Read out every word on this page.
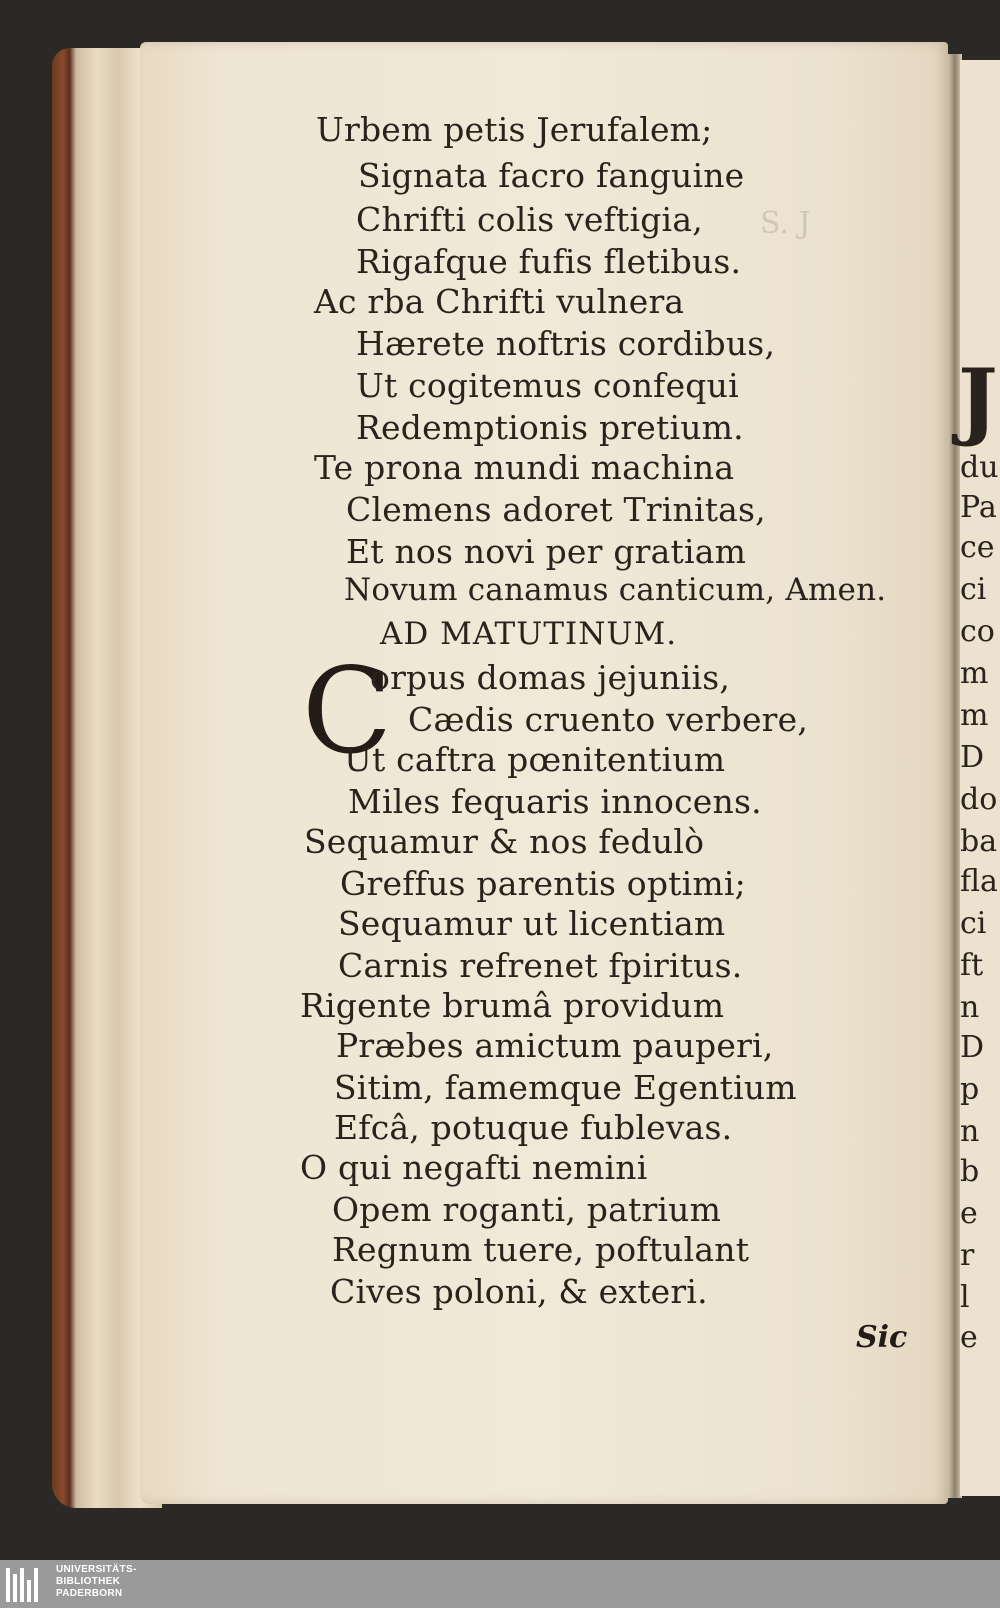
S. J
Urbem petis Jerufalem;
Signata facro fanguine
Chrifti colis veftigia,
Rigafque fufis fletibus.
Ac rba Chrifti vulnera
Hærete noftris cordibus,
Ut cogitemus confequi
Redemptionis pretium.
Te prona mundi machina
Clemens adoret Trinitas,
Et nos novi per gratiam
Novum canamus canticum, Amen.
AD MATUTINUM.
C
orpus domas jejuniis,
Cædis cruento verbere,
Ut caftra pœnitentium
Miles fequaris innocens.
Sequamur & nos fedulò
Greffus parentis optimi;
Sequamur ut licentiam
Carnis refrenet fpiritus.
Rigente brumâ providum
Præbes amictum pauperi,
Sitim, famemque Egentium
Efcâ, potuque fublevas.
O qui negafti nemini
Opem roganti, patrium
Regnum tuere, poftulant
Cives poloni, & exteri.
Sic
J
du
Pa
ce
ci
co
m
m
D
do
ba
fla
ci
ft
n
D
p
n
b
e
r
l
e
UNIVERSITÄTS-
BIBLIOTHEK
PADERBORN
